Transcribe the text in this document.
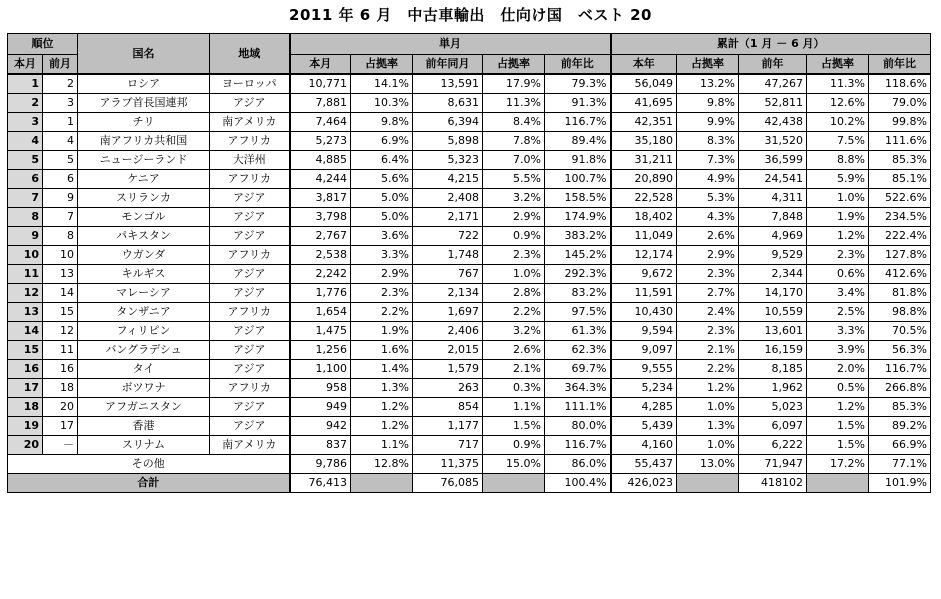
2011 年 6 月　中古車輸出　仕向け国　ベスト 20
順位		国名	地域	単月					累計（1 月 － 6 月）				
本月	前月			本月	占拠率	前年同月	占拠率	前年比	本年	占拠率	前年	占拠率	前年比
1	2	ロシア	ヨーロッパ	10,771	14.1%	13,591	17.9%	79.3%	56,049	13.2%	47,267	11.3%	118.6%
2	3	アラブ首長国連邦	アジア	7,881	10.3%	8,631	11.3%	91.3%	41,695	9.8%	52,811	12.6%	79.0%
3	1	チリ	南アメリカ	7,464	9.8%	6,394	8.4%	116.7%	42,351	9.9%	42,438	10.2%	99.8%
4	4	南アフリカ共和国	アフリカ	5,273	6.9%	5,898	7.8%	89.4%	35,180	8.3%	31,520	7.5%	111.6%
5	5	ニュージーランド	大洋州	4,885	6.4%	5,323	7.0%	91.8%	31,211	7.3%	36,599	8.8%	85.3%
6	6	ケニア	アフリカ	4,244	5.6%	4,215	5.5%	100.7%	20,890	4.9%	24,541	5.9%	85.1%
7	9	スリランカ	アジア	3,817	5.0%	2,408	3.2%	158.5%	22,528	5.3%	4,311	1.0%	522.6%
8	7	モンゴル	アジア	3,798	5.0%	2,171	2.9%	174.9%	18,402	4.3%	7,848	1.9%	234.5%
9	8	パキスタン	アジア	2,767	3.6%	722	0.9%	383.2%	11,049	2.6%	4,969	1.2%	222.4%
10	10	ウガンダ	アフリカ	2,538	3.3%	1,748	2.3%	145.2%	12,174	2.9%	9,529	2.3%	127.8%
11	13	キルギス	アジア	2,242	2.9%	767	1.0%	292.3%	9,672	2.3%	2,344	0.6%	412.6%
12	14	マレーシア	アジア	1,776	2.3%	2,134	2.8%	83.2%	11,591	2.7%	14,170	3.4%	81.8%
13	15	タンザニア	アフリカ	1,654	2.2%	1,697	2.2%	97.5%	10,430	2.4%	10,559	2.5%	98.8%
14	12	フィリピン	アジア	1,475	1.9%	2,406	3.2%	61.3%	9,594	2.3%	13,601	3.3%	70.5%
15	11	バングラデシュ	アジア	1,256	1.6%	2,015	2.6%	62.3%	9,097	2.1%	16,159	3.9%	56.3%
16	16	タイ	アジア	1,100	1.4%	1,579	2.1%	69.7%	9,555	2.2%	8,185	2.0%	116.7%
17	18	ボツワナ	アフリカ	958	1.3%	263	0.3%	364.3%	5,234	1.2%	1,962	0.5%	266.8%
18	20	アフガニスタン	アジア	949	1.2%	854	1.1%	111.1%	4,285	1.0%	5,023	1.2%	85.3%
19	17	香港	アジア	942	1.2%	1,177	1.5%	80.0%	5,439	1.3%	6,097	1.5%	89.2%
20	－	スリナム	南アメリカ	837	1.1%	717	0.9%	116.7%	4,160	1.0%	6,222	1.5%	66.9%
その他				9,786	12.8%	11,375	15.0%	86.0%	55,437	13.0%	71,947	17.2%	77.1%
合計				76,413		76,085		100.4%	426,023		418102		101.9%
